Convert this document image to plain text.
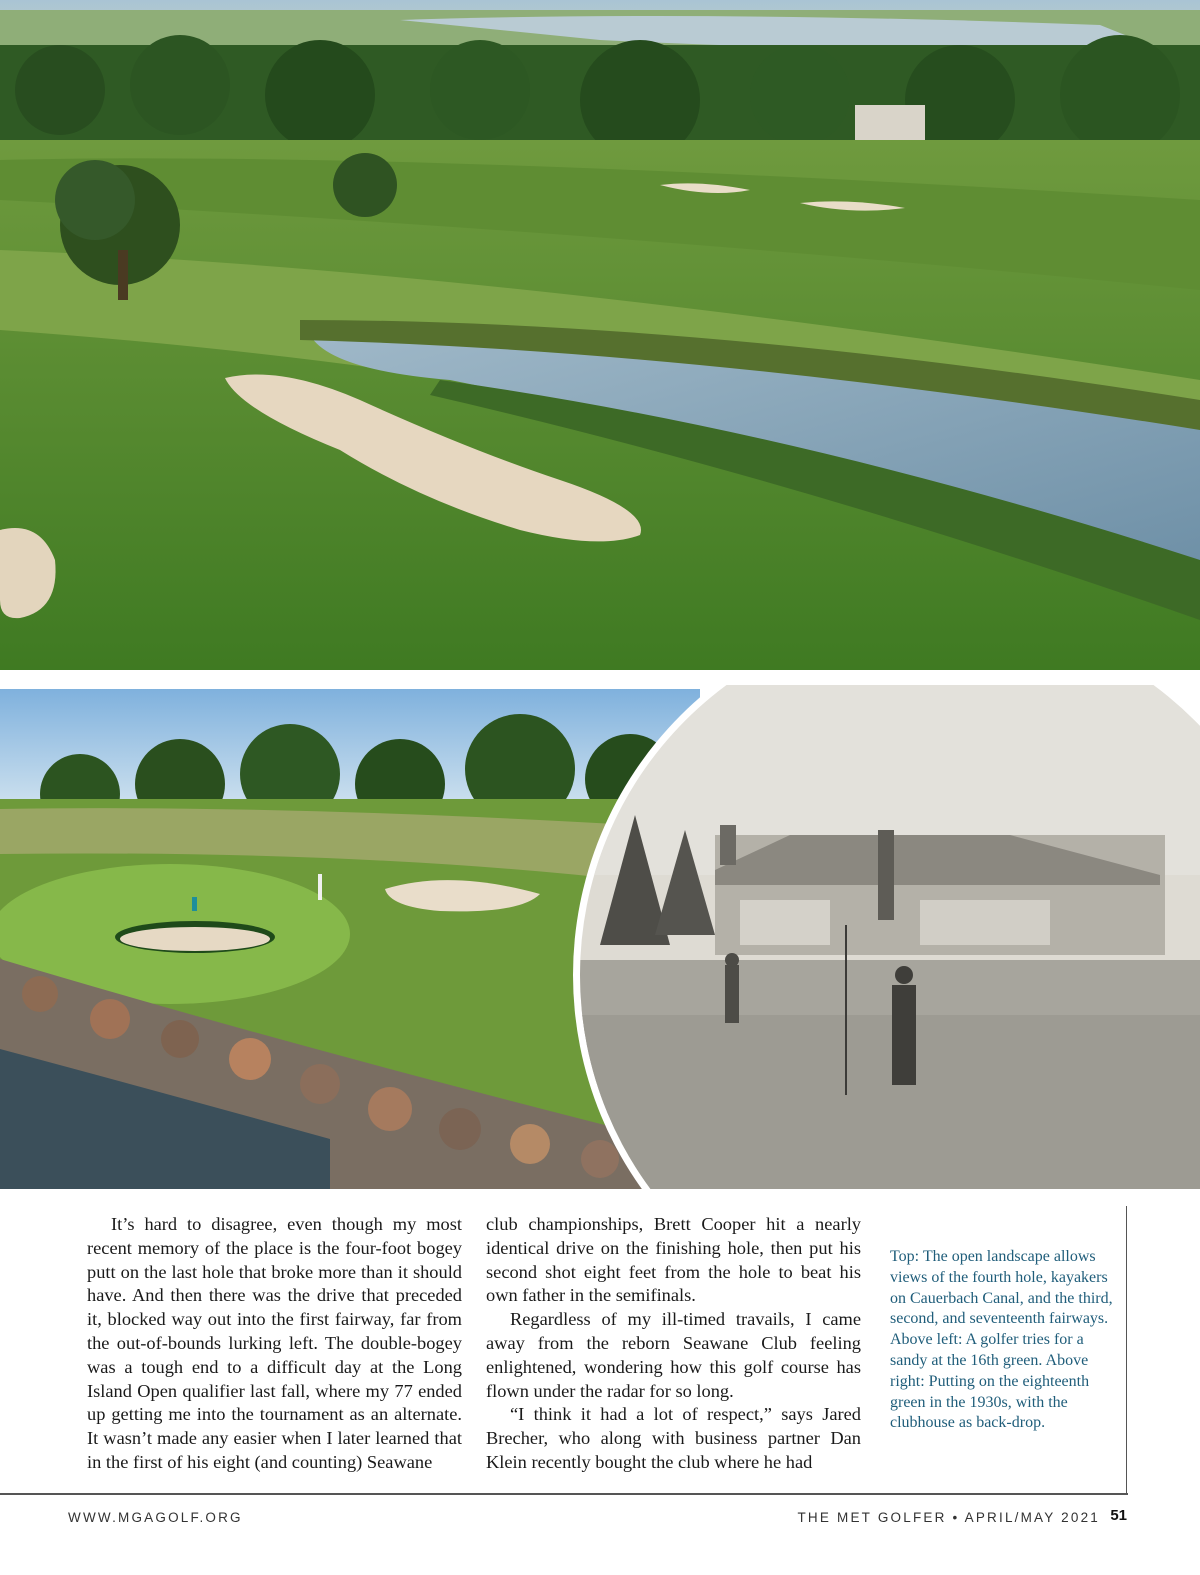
It’s hard to disagree, even though my most recent memory of the place is the four-foot bogey putt on the last hole that broke more than it should have. And then there was the drive that preceded it, blocked way out into the first fairway, far from the out-of-bounds lurking left. The double-bogey was a tough end to a difficult day at the Long Island Open qualifier last fall, where my 77 ended up getting me into the tournament as an alternate. It wasn’t made any easier when I later learned that in the first of his eight (and counting) Seawane

club championships, Brett Cooper hit a nearly identical drive on the finishing hole, then put his second shot eight feet from the hole to beat his own father in the semifinals.

Regardless of my ill-timed travails, I came away from the reborn Seawane Club feeling enlightened, wondering how this golf course has flown under the radar for so long.

“I think it had a lot of respect,” says Jared Brecher, who along with business partner Dan Klein recently bought the club where he had

Top: The open landscape allows views of the fourth hole, kayakers on Cauerbach Canal, and the third, second, and seventeenth fairways. Above left: A golfer tries for a sandy at the 16th green. Above right: Putting on the eighteenth green in the 1930s, with the clubhouse as back-drop.
WWW.MGAGOLF.ORG	THE MET GOLFER • APRIL/MAY 2021 51
